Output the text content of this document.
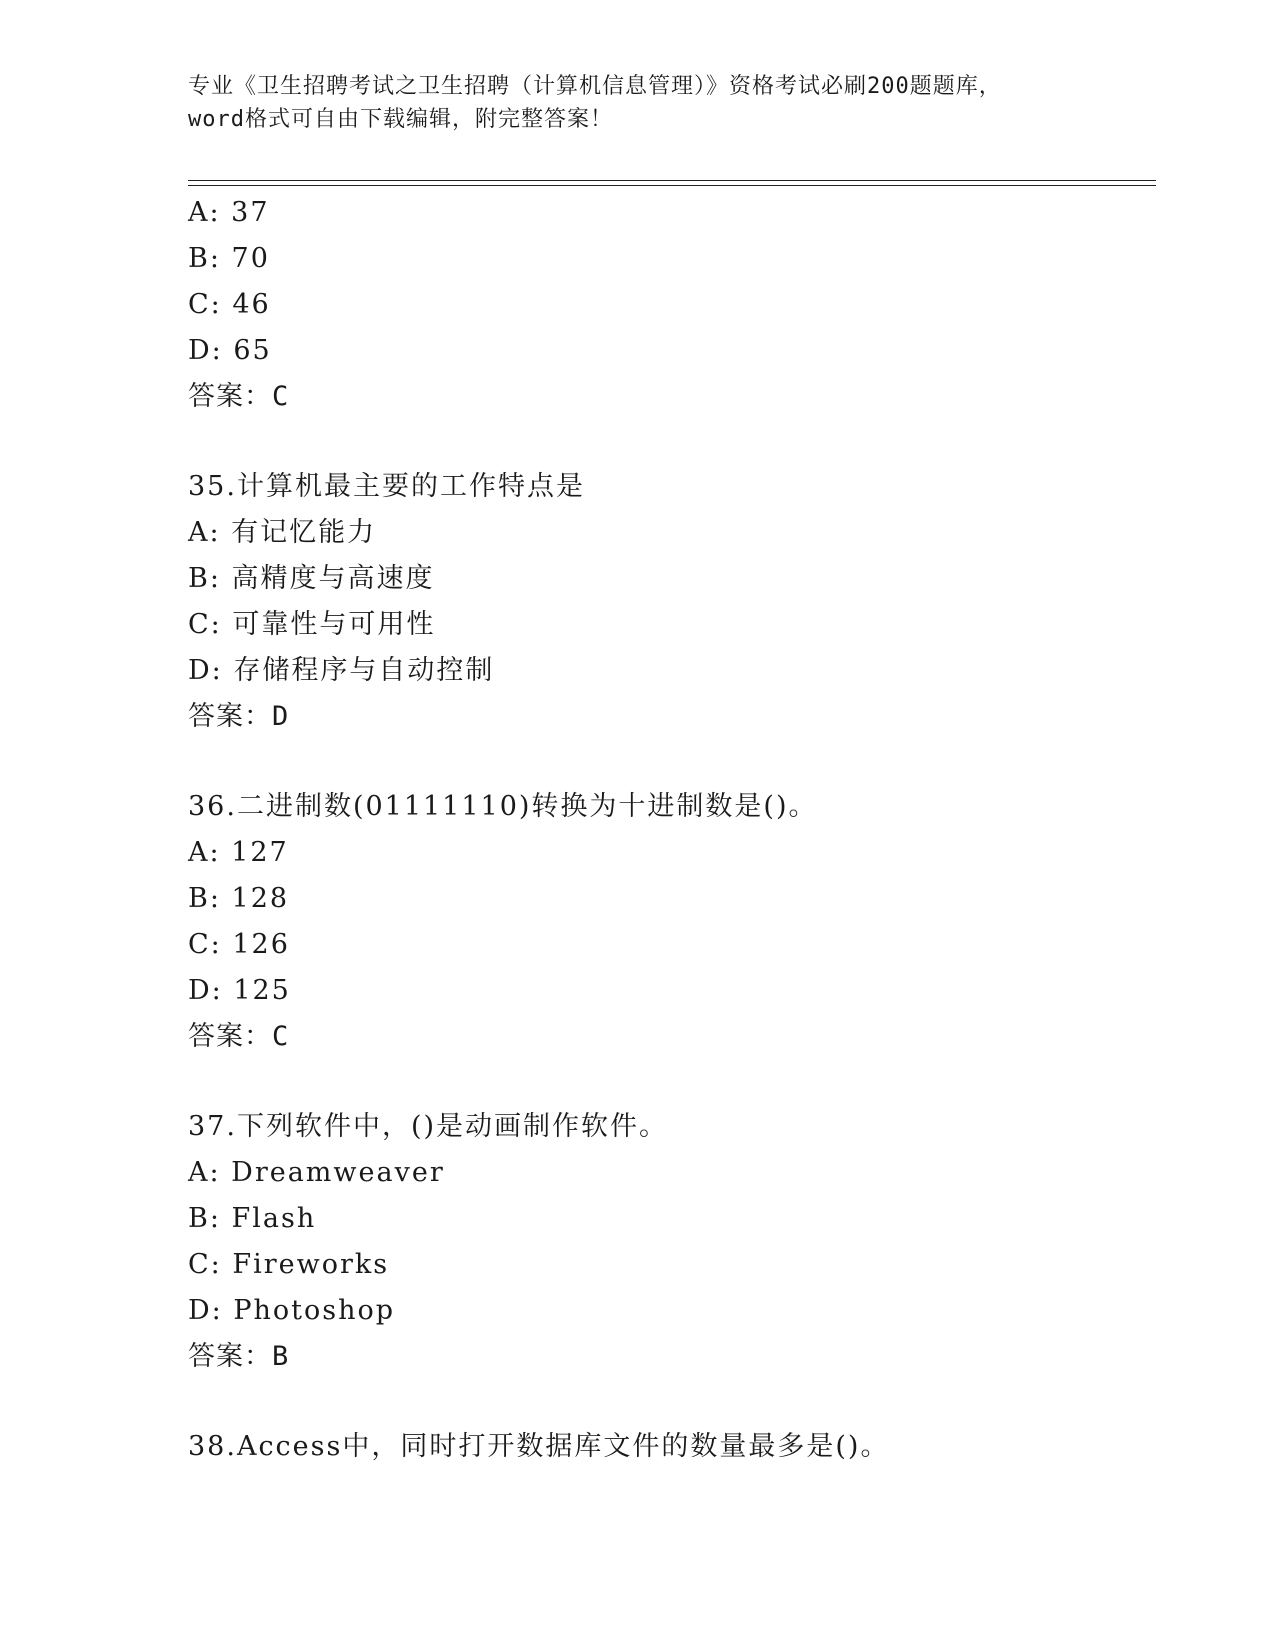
专业《卫生招聘考试之卫生招聘（计算机信息管理）》资格考试必刷200题题库，
word格式可自由下载编辑，附完整答案！
A: 37
B: 70
C: 46
D: 65
答案：C
35.计算机最主要的工作特点是
A: 有记忆能力
B: 高精度与高速度
C: 可靠性与可用性
D: 存储程序与自动控制
答案：D
36.二进制数(01111110)转换为十进制数是()。
A: 127
B: 128
C: 126
D: 125
答案：C
37.下列软件中，()是动画制作软件。
A: Dreamweaver
B: Flash
C: Fireworks
D: Photoshop
答案：B
38.Access中，同时打开数据库文件的数量最多是()。
